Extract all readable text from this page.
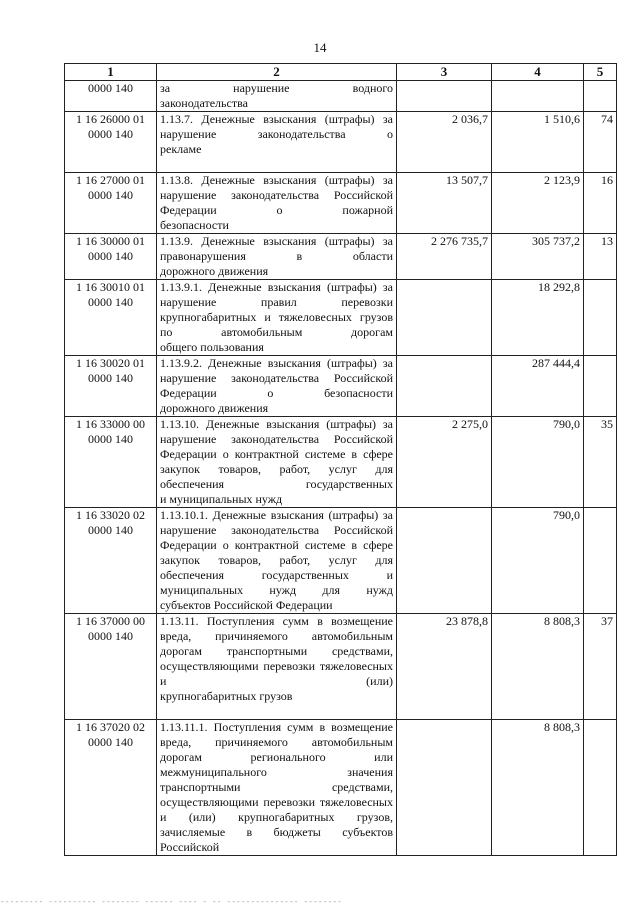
14
1	2	3	4	5
0000 140	за нарушение водного
законодательства			

1 16 26000 01 0000 140	1.13.7. Денежные взыскания (штрафы) за нарушение законодательства о
рекламе	2 036,7	1 510,6	74
1 16 27000 01 0000 140	1.13.8. Денежные взыскания (штрафы) за нарушение законодательства Российской Федерации о пожарной
безопасности	13 507,7	2 123,9	16
1 16 30000 01 0000 140	1.13.9. Денежные взыскания (штрафы) за правонарушения в области
дорожного движения	2 276 735,7	305 737,2	13
1 16 30010 01 0000 140	1.13.9.1. Денежные взыскания (штрафы) за нарушение правил перевозки крупногабаритных и тяжеловесных грузов по автомобильным дорогам
общего пользования		18 292,8	
1 16 30020 01 0000 140	1.13.9.2. Денежные взыскания (штрафы) за нарушение законодательства Российской Федерации о безопасности
дорожного движения		287 444,4	
1 16 33000 00 0000 140	1.13.10. Денежные взыскания (штрафы) за нарушение законодательства Российской Федерации о контрактной системе в сфере закупок товаров, работ, услуг для обеспечения государственных
и муниципальных нужд	2 275,0	790,0	35
1 16 33020 02 0000 140	1.13.10.1. Денежные взыскания (штрафы) за нарушение законодательства Российской Федерации о контрактной системе в сфере закупок товаров, работ, услуг для обеспечения государственных и муниципальных нужд для нужд
субъектов Российской Федерации		790,0	
1 16 37000 00 0000 140	1.13.11. Поступления сумм в возмещение вреда, причиняемого автомобильным дорогам транспортными средствами, осуществляющими перевозки тяжеловесных и (или)
крупногабаритных грузов	23 878,8	8 808,3	37
1 16 37020 02 0000 140	1.13.11.1. Поступления сумм в возмещение вреда, причиняемого автомобильным дорогам регионального или межмуниципального значения транспортными средствами, осуществляющими перевозки тяжеловесных и (или) крупногабаритных грузов, зачисляемые в бюджеты субъектов Российской		8 808,3	
--------- ---------- -------- ------ ---- - -- --------------- --------
